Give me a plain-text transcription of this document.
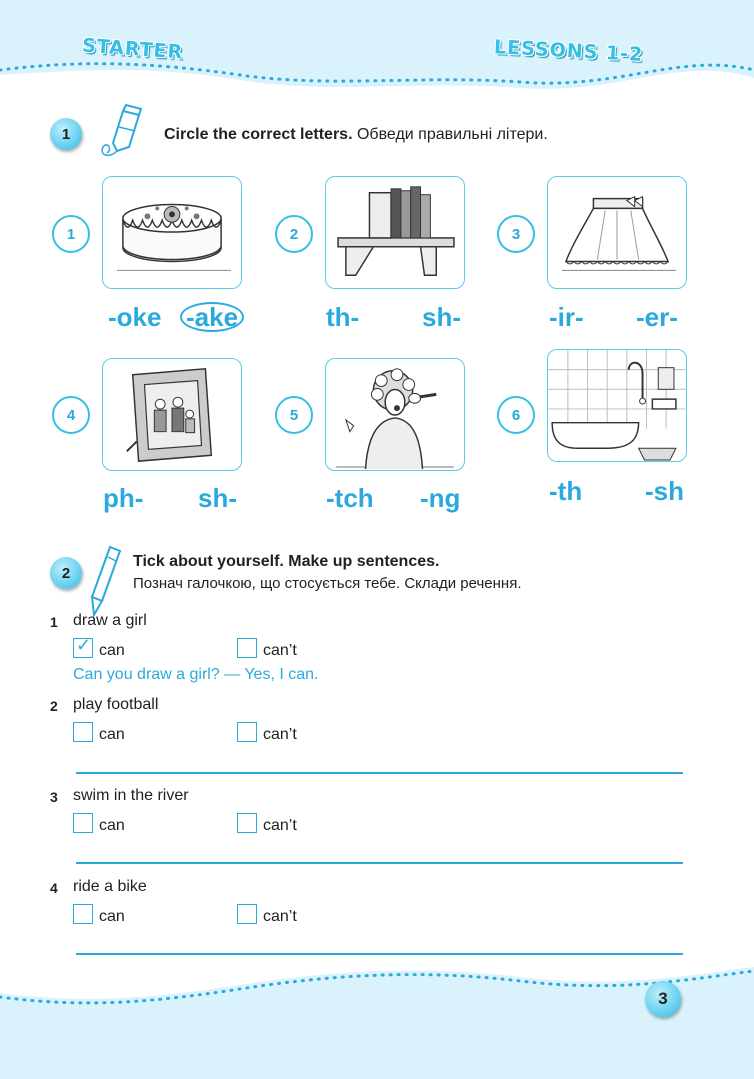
STARTER	LESSONS 1-2
1	Circle the correct letters. Обведи правильні літери.
1
-oke -ake
2
th- sh-
3
-ir- -er-
4
ph- sh-
5
-tch -ng
6
-th -sh
2
Tick about yourself. Make up sentences.
Познач галочкою, що стосується тебе. Склади речення.
1 draw a girl
✓ can	can’t
Can you draw a girl? — Yes, I can.
2 play football
can	can’t
3 swim in the river
can	can’t
4 ride a bike
can	can’t
3
